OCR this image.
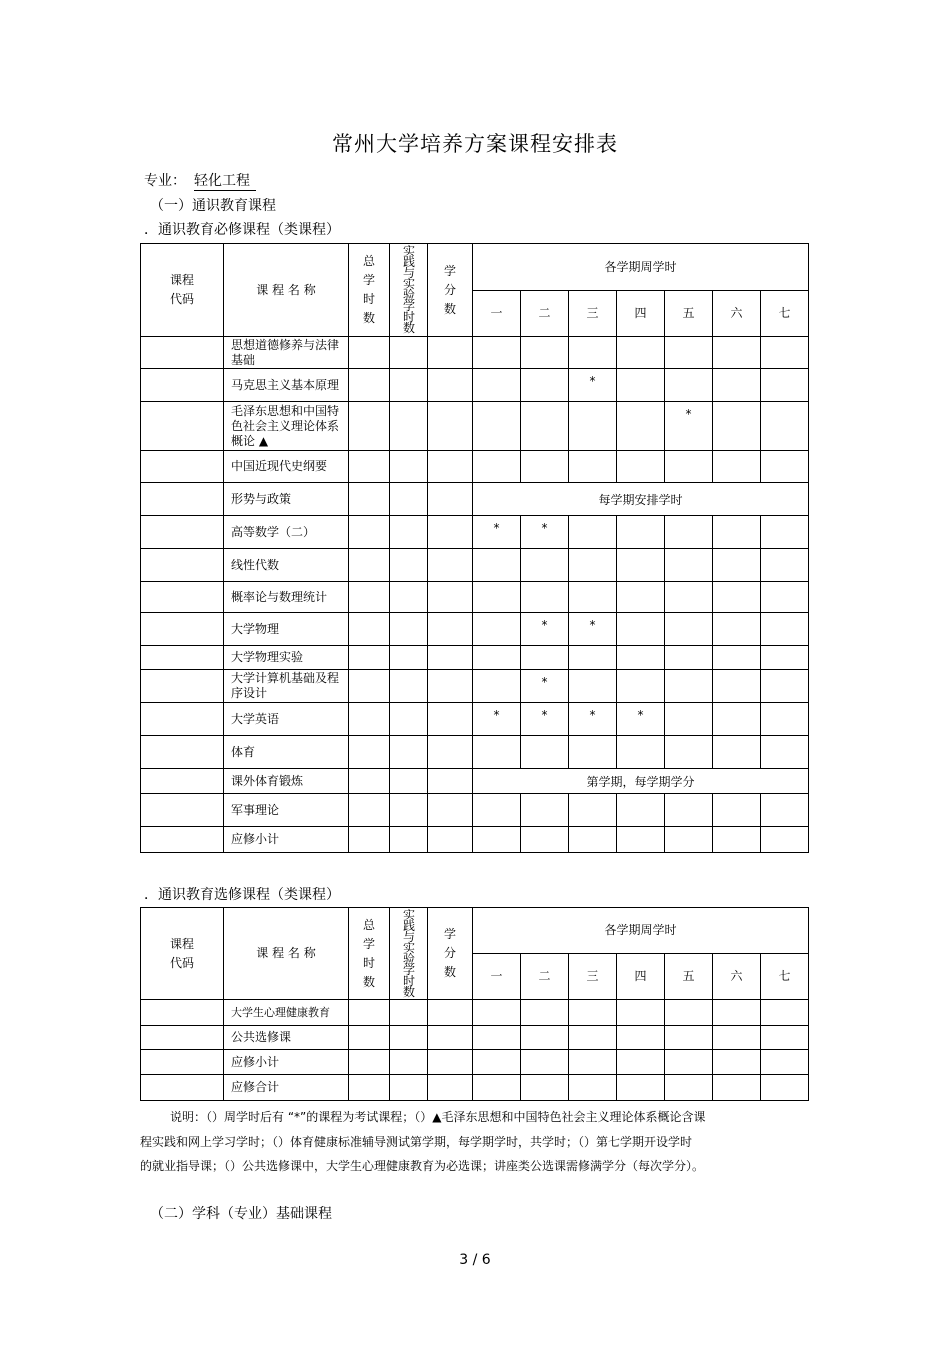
常州大学培养方案课程安排表
专业： 轻化工程
（一）通识教育课程
．通识教育必修课程（类课程）
课程代码	课 程 名 称	总学时数	实践与实验学时数	学分数	各学期周学时						
					一	二	三	四	五	六	七
	思想道德修养与法律基础										
	马克思主义基本原理						*				
	毛泽东思想和中国特色社会主义理论体系概论 ▲								*		
	中国近现代史纲要										
	形势与政策				每学期安排学时						
	高等数学（二）				*	*					
	线性代数										
	概率论与数理统计										
	大学物理					*	*				
	大学物理实验										
	大学计算机基础及程序设计					*					
	大学英语				*	*	*	*			
	体育										
	课外体育锻炼				第学期，每学期学分						
	军事理论										
	应修小计										
．通识教育选修课程（类课程）
课程代码	课 程 名 称	总学时数	实践与实验学时数	学分数	各学期周学时						
					一	二	三	四	五	六	七
	大学生心理健康教育										
	公共选修课										
	应修小计										
	应修合计										
说明：（）周学时后有 “*”的课程为考试课程；（）▲毛泽东思想和中国特色社会主义理论体系概论含课
程实践和网上学习学时；（）体育健康标准辅导测试第学期，每学期学时，共学时；（）第七学期开设学时
的就业指导课；（）公共选修课中，大学生心理健康教育为必选课；讲座类公选课需修满学分（每次学分）。
（二）学科（专业）基础课程
3 / 6
